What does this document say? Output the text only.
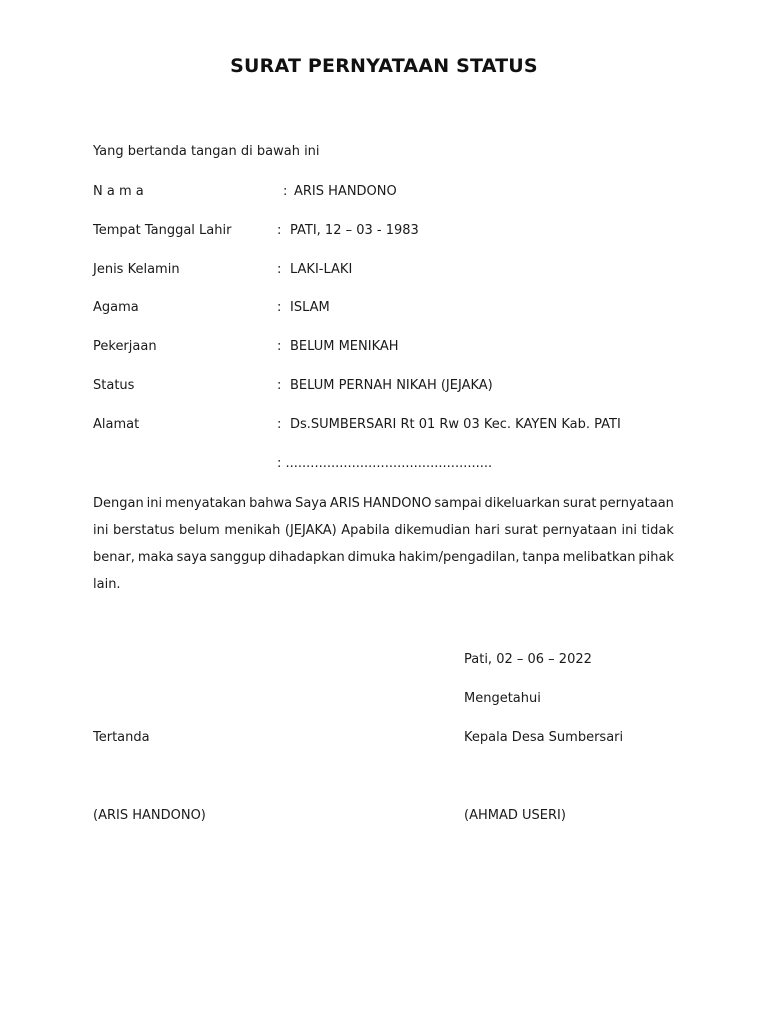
SURAT PERNYATAAN STATUS
Yang bertanda tangan di bawah ini
N a m a	: ARIS HANDONO
Tempat Tanggal Lahir	: PATI, 12 – 03 - 1983
Jenis Kelamin	: LAKI-LAKI
Agama	: ISLAM
Pekerjaan	: BELUM MENIKAH
Status	: BELUM PERNAH NIKAH (JEJAKA)
Alamat	: Ds.SUMBERSARI Rt 01 Rw 03 Kec. KAYEN Kab. PATI
: ..................................................
Dengan ini menyatakan bahwa Saya ARIS HANDONO sampai dikeluarkan surat pernyataan
ini berstatus belum menikah (JEJAKA) Apabila dikemudian hari surat pernyataan ini tidak
benar, maka saya sanggup dihadapkan dimuka hakim/pengadilan, tanpa melibatkan pihak
lain.
Pati, 02 – 06 – 2022
Mengetahui
Tertanda	Kepala Desa Sumbersari
(ARIS HANDONO)	(AHMAD USERI)
